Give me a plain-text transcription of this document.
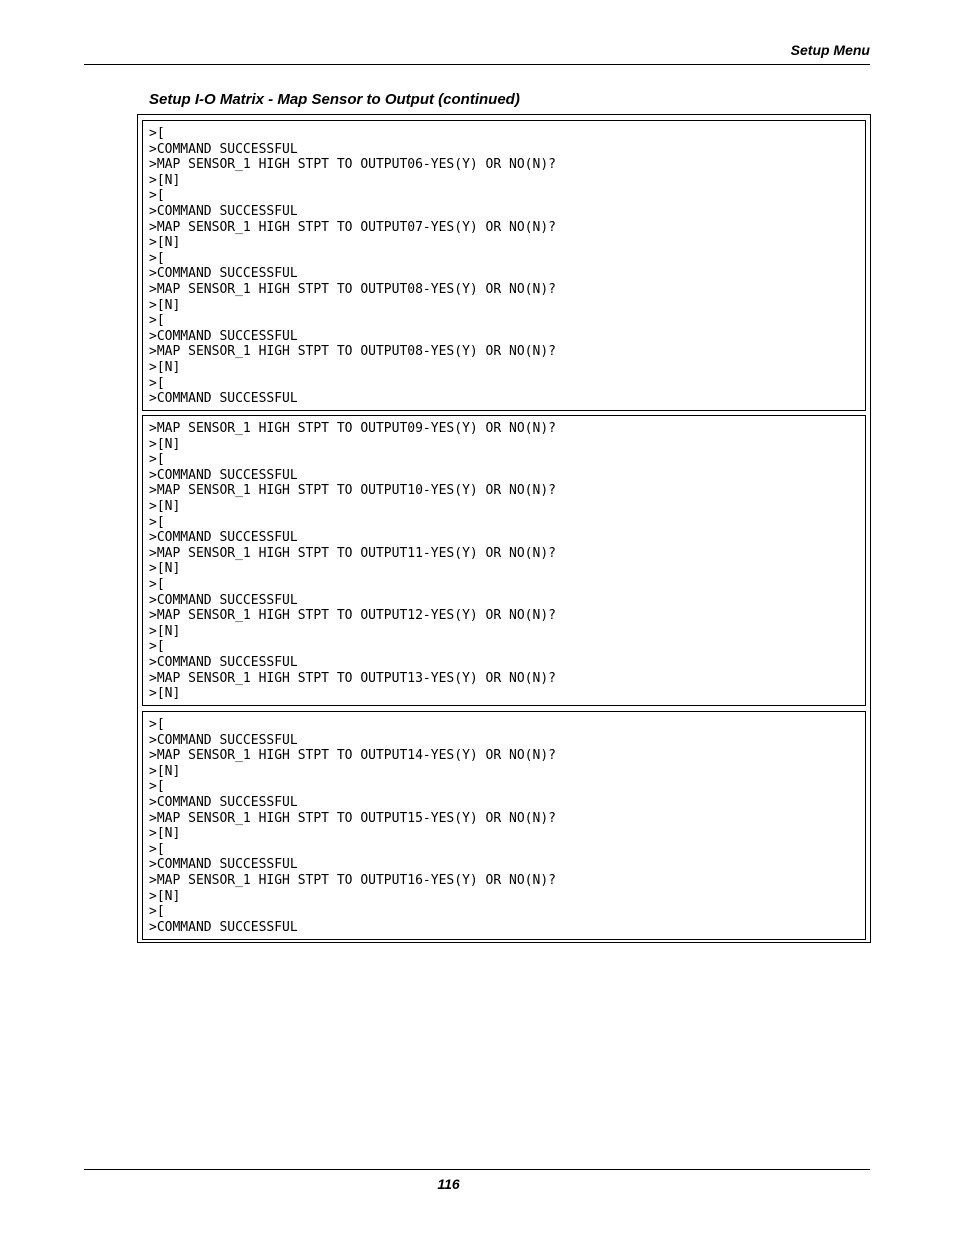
Setup Menu
Setup I-O Matrix - Map Sensor to Output (continued)
>[
>COMMAND SUCCESSFUL
>MAP SENSOR_1 HIGH STPT TO OUTPUT06-YES(Y) OR NO(N)?
>[N]
>[
>COMMAND SUCCESSFUL
>MAP SENSOR_1 HIGH STPT TO OUTPUT07-YES(Y) OR NO(N)?
>[N]
>[
>COMMAND SUCCESSFUL
>MAP SENSOR_1 HIGH STPT TO OUTPUT08-YES(Y) OR NO(N)?
>[N]
>[
>COMMAND SUCCESSFUL
>MAP SENSOR_1 HIGH STPT TO OUTPUT08-YES(Y) OR NO(N)?
>[N]
>[
>COMMAND SUCCESSFUL
>MAP SENSOR_1 HIGH STPT TO OUTPUT09-YES(Y) OR NO(N)?
>[N]
>[
>COMMAND SUCCESSFUL
>MAP SENSOR_1 HIGH STPT TO OUTPUT10-YES(Y) OR NO(N)?
>[N]
>[
>COMMAND SUCCESSFUL
>MAP SENSOR_1 HIGH STPT TO OUTPUT11-YES(Y) OR NO(N)?
>[N]
>[
>COMMAND SUCCESSFUL
>MAP SENSOR_1 HIGH STPT TO OUTPUT12-YES(Y) OR NO(N)?
>[N]
>[
>COMMAND SUCCESSFUL
>MAP SENSOR_1 HIGH STPT TO OUTPUT13-YES(Y) OR NO(N)?
>[N]
>[
>COMMAND SUCCESSFUL
>MAP SENSOR_1 HIGH STPT TO OUTPUT14-YES(Y) OR NO(N)?
>[N]
>[
>COMMAND SUCCESSFUL
>MAP SENSOR_1 HIGH STPT TO OUTPUT15-YES(Y) OR NO(N)?
>[N]
>[
>COMMAND SUCCESSFUL
>MAP SENSOR_1 HIGH STPT TO OUTPUT16-YES(Y) OR NO(N)?
>[N]
>[
>COMMAND SUCCESSFUL
116
